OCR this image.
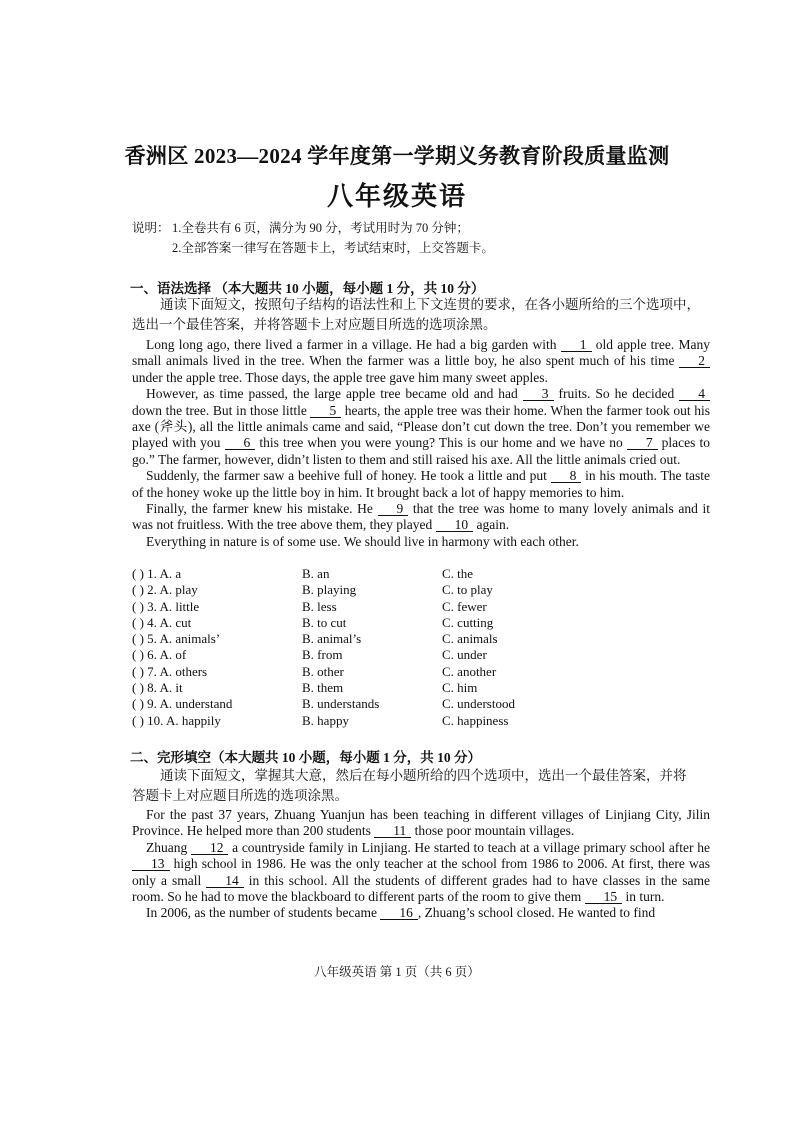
香洲区 2023—2024 学年度第一学期义务教育阶段质量监测
八年级英语
说明： 1.全卷共有 6 页，满分为 90 分，考试用时为 70 分钟；
2.全部答案一律写在答题卡上，考试结束时，上交答题卡。
一、语法选择 （本大题共 10 小题，每小题 1 分，共 10 分）
通读下面短文，按照句子结构的语法性和上下文连贯的要求，在各小题所给的三个选项中，
选出一个最佳答案，并将答题卡上对应题目所选的选项涂黑。

Long long ago, there lived a farmer in a village. He had a big garden with 1 old apple tree. Many small animals lived in the tree. When the farmer was a little boy, he also spent much of his time 2 under the apple tree. Those days, the apple tree gave him many sweet apples.

However, as time passed, the large apple tree became old and had 3 fruits. So he decided 4 down the tree. But in those little 5 hearts, the apple tree was their home. When the farmer took out his axe (斧头), all the little animals came and said, “Please don’t cut down the tree. Don’t you remember we played with you 6 this tree when you were young? This is our home and we have no 7 places to go.” The farmer, however, didn’t listen to them and still raised his axe. All the little animals cried out.

Suddenly, the farmer saw a beehive full of honey. He took a little and put 8 in his mouth. The taste of the honey woke up the little boy in him. It brought back a lot of happy memories to him.

Finally, the farmer knew his mistake. He 9 that the tree was home to many lovely animals and it was not fruitless. With the tree above them, they played 10 again.

Everything in nature is of some use. We should live in harmony with each other.

( ) 1. A. a	B. an	C. the
( ) 2. A. play	B. playing	C. to play
( ) 3. A. little	B. less	C. fewer
( ) 4. A. cut	B. to cut	C. cutting
( ) 5. A. animals’	B. animal’s	C. animals
( ) 6. A. of	B. from	C. under
( ) 7. A. others	B. other	C. another
( ) 8. A. it	B. them	C. him
( ) 9. A. understand	B. understands	C. understood
( ) 10. A. happily	B. happy	C. happiness
二、完形填空（本大题共 10 小题，每小题 1 分，共 10 分）
通读下面短文，掌握其大意，然后在每小题所给的四个选项中，选出一个最佳答案，并将
答题卡上对应题目所选的选项涂黑。

For the past 37 years, Zhuang Yuanjun has been teaching in different villages of Linjiang City, Jilin Province. He helped more than 200 students 11 those poor mountain villages.

Zhuang 12 a countryside family in Linjiang. He started to teach at a village primary school after he 13 high school in 1986. He was the only teacher at the school from 1986 to 2006. At first, there was only a small 14 in this school. All the students of different grades had to have classes in the same room. So he had to move the blackboard to different parts of the room to give them 15 in turn.

In 2006, as the number of students became 16 , Zhuang’s school closed. He wanted to find

八年级英语 第 1 页（共 6 页）
